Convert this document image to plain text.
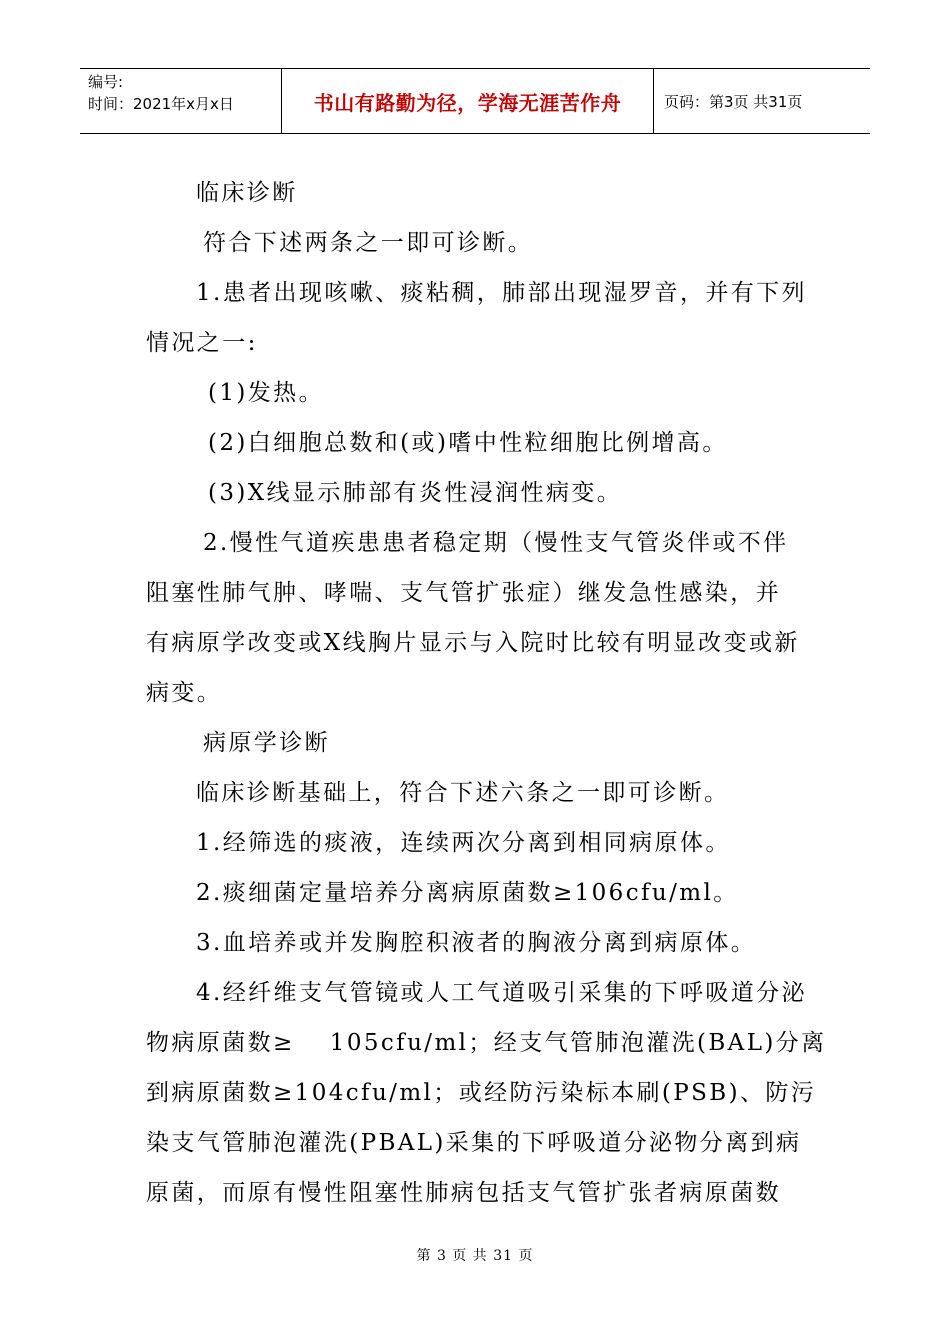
编号:
时间：2021年x月x日	书山有路勤为径，学海无涯苦作舟	页码：第3页 共31页
临床诊断
符合下述两条之一即可诊断。
1.患者出现咳嗽、痰粘稠，肺部出现湿罗音，并有下列
情况之一:
(1)发热。
(2)白细胞总数和(或)嗜中性粒细胞比例增高。
(3)X线显示肺部有炎性浸润性病变。
2.慢性气道疾患患者稳定期（慢性支气管炎伴或不伴
阻塞性肺气肿、哮喘、支气管扩张症）继发急性感染，并
有病原学改变或X线胸片显示与入院时比较有明显改变或新
病变。
病原学诊断
临床诊断基础上，符合下述六条之一即可诊断。
1.经筛选的痰液，连续两次分离到相同病原体。
2.痰细菌定量培养分离病原菌数≥106cfu/ml。
3.血培养或并发胸腔积液者的胸液分离到病原体。
4.经纤维支气管镜或人工气道吸引采集的下呼吸道分泌
物病原菌数≥　 105cfu/ml；经支气管肺泡灌洗(BAL)分离
到病原菌数≥104cfu/ml；或经防污染标本刷(PSB)、防污
染支气管肺泡灌洗(PBAL)采集的下呼吸道分泌物分离到病
原菌，而原有慢性阻塞性肺病包括支气管扩张者病原菌数
第 3 页 共 31 页
